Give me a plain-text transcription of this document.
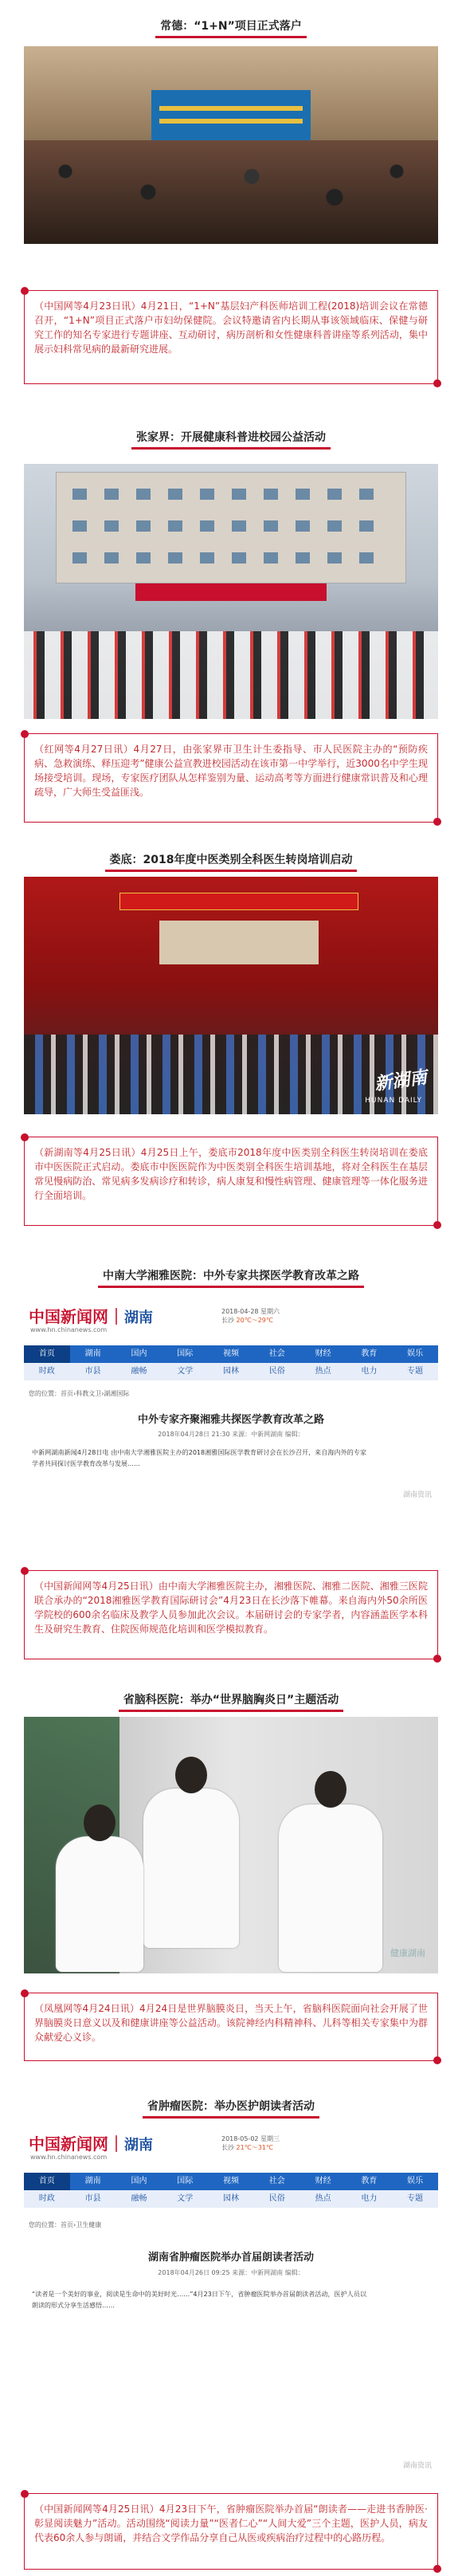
常德：“1+N”项目正式落户

（中国网等4月23日讯）4月21日，“1+N”基层妇产科医师培训工程(2018)培训会议在常德召开，“1+N”项目正式落户市妇幼保健院。会议特邀请省内长期从事该领域临床、保健与研究工作的知名专家进行专题讲座、互动研讨，病历剖析和女性健康科普讲座等系列活动，集中展示妇科常见病的最新研究进展。

张家界：开展健康科普进校园公益活动

（红网等4月27日讯）4月27日，由张家界市卫生计生委指导、市人民医院主办的“预防疾病、急救演练、释压迎考”健康公益宣教进校园活动在该市第一中学举行，近3000名中学生现场接受培训。现场，专家医疗团队从怎样鉴别为量、运动高考等方面进行健康常识普及和心理疏导，广大师生受益匪浅。

娄底：2018年度中医类别全科医生转岗培训启动
新湖南
HUNAN DAILY

（新湖南等4月25日讯）4月25日上午，娄底市2018年度中医类别全科医生转岗培训在娄底市中医医院正式启动。娄底市中医医院作为中医类别全科医生培训基地，将对全科医生在基层常见慢病防治、常见病多发病诊疗和转诊，病人康复和慢性病管理、健康管理等一体化服务进行全面培训。

中南大学湘雅医院：中外专家共探医学教育改革之路
中国新闻网｜湖南
www.hn.chinanews.com
2018-04-28 星期六
长沙 20℃～29℃
首页	湖南	国内	国际	视频	社会	财经	教育	娱乐
时政	市县	融畅	文学	园林	民俗	热点	电力	专题
您的位置：首页›科教文卫›湖湘国际
中外专家齐聚湘雅共探医学教育改革之路
2018年04月28日 21:30 来源：中新网湖南 编辑：
中新网湖南新闻4月28日电 由中南大学湘雅医院主办的2018湘雅国际医学教育研讨会在长沙召开，来自海内外的专家学者共同探讨医学教育改革与发展……
湖南资讯

（中国新闻网等4月25日讯）由中南大学湘雅医院主办，湘雅医院、湘雅二医院、湘雅三医院联合承办的“2018湘雅医学教育国际研讨会”4月23日在长沙落下帷幕。来自海内外50余所医学院校的600余名临床及教学人员参加此次会议。本届研讨会的专家学者，内容涵盖医学本科生及研究生教育、住院医师规范化培训和医学模拟教育。

省脑科医院：举办“世界脑胸炎日”主题活动
健康湖南

（凤凰网等4月24日讯）4月24日是世界脑膜炎日，当天上午，省脑科医院面向社会开展了世界脑膜炎日意义以及和健康讲座等公益活动。该院神经内科精神科、儿科等相关专家集中为群众献爱心义诊。

省肿瘤医院：举办医护朗读者活动
中国新闻网｜湖南
www.hn.chinanews.com
2018-05-02 星期三
长沙 21℃～31℃
首页	湖南	国内	国际	视频	社会	财经	教育	娱乐
时政	市县	融畅	文学	园林	民俗	热点	电力	专题
您的位置：首页›卫生健康
湖南省肿瘤医院举办首届朗读者活动
2018年04月26日 09:25 来源：中新网湖南 编辑：
“读者是一个美好的事业，阅读是生命中的美好时光……”4月23日下午，省肿瘤医院举办首届朗读者活动，医护人员以朗读的形式分享生活感悟……
湖南资讯

（中国新闻网等4月25日讯）4月23日下午，省肿瘤医院举办首届“朗读者——走进书香肿医·彰显阅读魅力”活动。活动围绕“阅读力量”“医者仁心”“人间大爱”三个主题，医护人员，病友代表60余人参与朗诵，并结合文学作品分享自己从医或疾病治疗过程中的心路历程。
